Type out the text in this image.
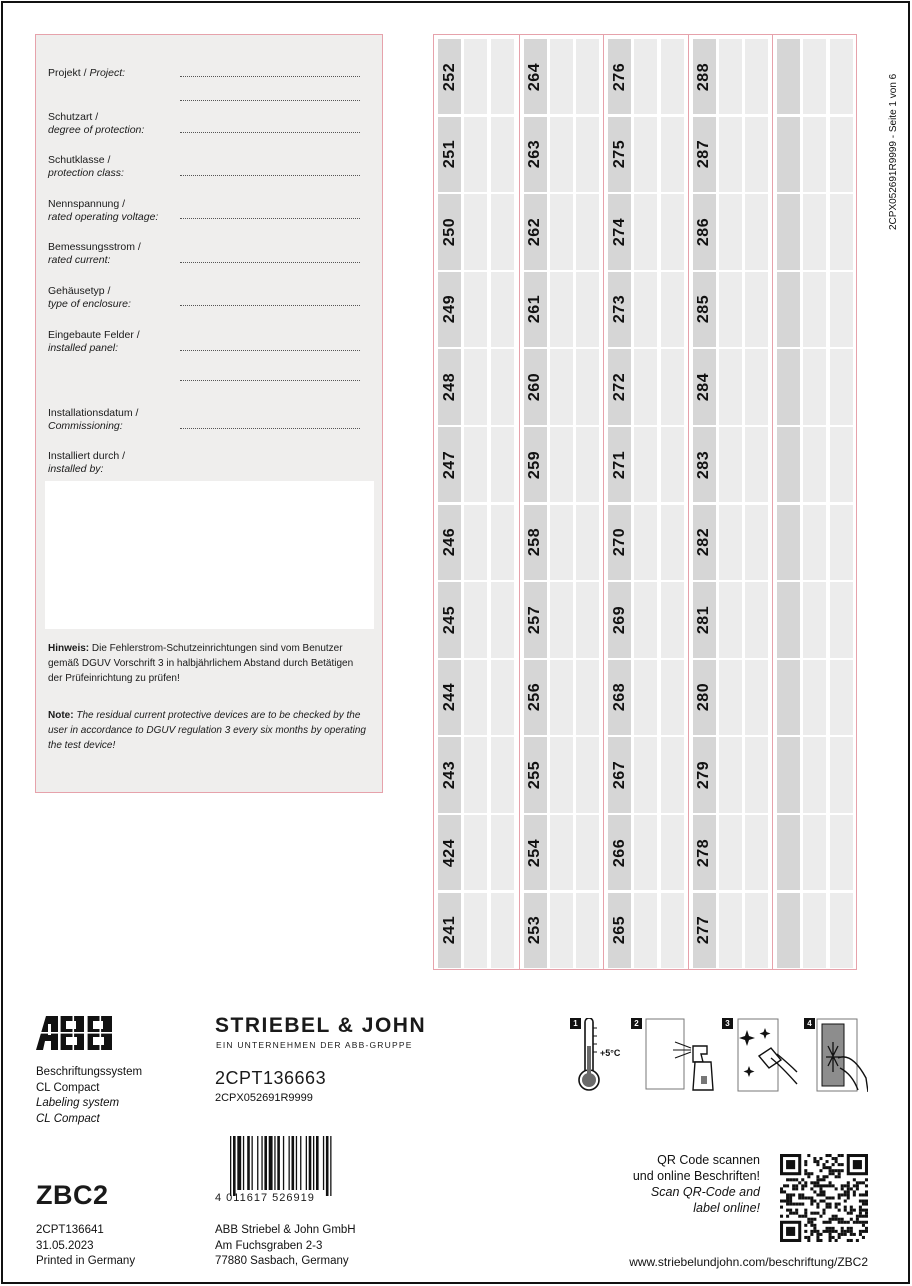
Projekt / Project:
Schutzart /
degree of protection:
Schutklasse /
protection class:
Nennspannung /
rated operating voltage:
Bemessungsstrom /
rated current:
Gehäusetyp /
type of enclosure:
Eingebaute Felder /
installed panel:
Installationsdatum /
Commissioning:
Installiert durch /
installed by:
Hinweis: Die Fehlerstrom-Schutzeinrichtungen sind vom Benutzer gemäß DGUV Vorschrift 3 in halbjährlichem Abstand durch Betätigen der Prüfeinrichtung zu prüfen!
Note: The residual current protective devices are to be checked by the user in accordance to DGUV regulation 3 every six months by operating the test device!
252
251
250
249
248
247
246
245
244
243
424
241
264
263
262
261
260
259
258
257
256
255
254
253
276
275
274
273
272
271
270
269
268
267
266
265
288
287
286
285
284
283
282
281
280
279
278
277
2CPX052691R9999 - Seite 1 von 6
Beschriftungssystem
CL Compact
Labeling system
CL Compact
ZBC2
2CPT136641
31.05.2023
Printed in Germany
STRIEBEL & JOHN
EIN UNTERNEHMEN DER ABB-GRUPPE
2CPT136663
2CPX052691R9999
4 011617 526919
ABB Striebel & John GmbH
Am Fuchsgraben 2-3
77880 Sasbach, Germany
1
+5°C
2	3	4
QR Code scannen
und online Beschriften!
Scan QR-Code and
label online!
www.striebelundjohn.com/beschriftung/ZBC2
